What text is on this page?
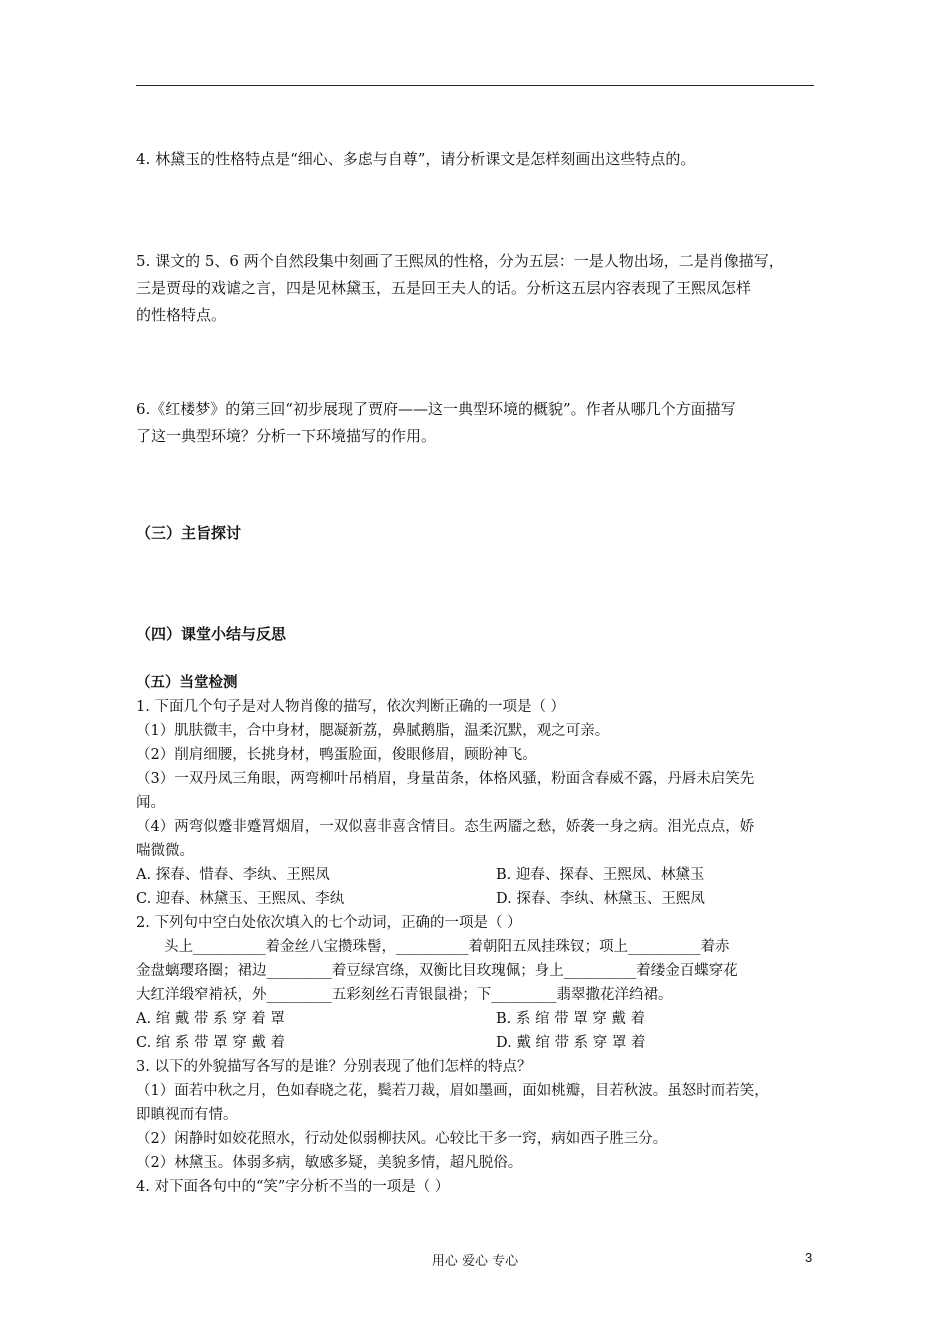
4. 林黛玉的性格特点是“细心、多虑与自尊”，请分析课文是怎样刻画出这些特点的。
5. 课文的 5、6 两个自然段集中刻画了王熙凤的性格，分为五层：一是人物出场，二是肖像描写，
三是贾母的戏谑之言，四是见林黛玉，五是回王夫人的话。分析这五层内容表现了王熙凤怎样
的性格特点。
6.《红楼梦》的第三回“初步展现了贾府——这一典型环境的概貌”。作者从哪几个方面描写
了这一典型环境？分析一下环境描写的作用。
（三）主旨探讨
（四）课堂小结与反思
（五）当堂检测
1. 下面几个句子是对人物肖像的描写，依次判断正确的一项是（ ）
（1）肌肤微丰，合中身材，腮凝新荔，鼻腻鹅脂，温柔沉默，观之可亲。
（2）削肩细腰，长挑身材，鸭蛋脸面，俊眼修眉，顾盼神飞。
（3）一双丹凤三角眼，两弯柳叶吊梢眉，身量苗条，体格风骚，粉面含春威不露，丹唇未启笑先
闻。
（4）两弯似蹙非蹙罥烟眉，一双似喜非喜含情目。态生两靥之愁，娇袭一身之病。泪光点点，娇
喘微微。
A. 探春、惜春、李纨、王熙凤	B. 迎春、探春、王熙凤、林黛玉
C. 迎春、林黛玉、王熙凤、李纨	D. 探春、李纨、林黛玉、王熙凤
2. 下列句中空白处依次填入的七个动词，正确的一项是（ ）
头上__________着金丝八宝攒珠髻，__________着朝阳五凤挂珠钗；项上__________着赤
金盘螭璎珞圈；裙边_________着豆绿宫绦，双衡比目玫瑰佩；身上__________着缕金百蝶穿花
大红洋缎窄褃袄，外_________五彩刻丝石青银鼠褂；下_________翡翠撒花洋绉裙。
A. 绾 戴 带 系 穿 着 罩	B. 系 绾 带 罩 穿 戴 着
C. 绾 系 带 罩 穿 戴 着	D. 戴 绾 带 系 穿 罩 着
3. 以下的外貌描写各写的是谁？分别表现了他们怎样的特点？
（1）面若中秋之月，色如春晓之花，鬓若刀裁，眉如墨画，面如桃瓣，目若秋波。虽怒时而若笑，
即瞋视而有情。
（2）闲静时如姣花照水，行动处似弱柳扶风。心较比干多一窍，病如西子胜三分。
（2）林黛玉。体弱多病，敏感多疑，美貌多情，超凡脱俗。
4. 对下面各句中的“笑”字分析不当的一项是（ ）
用心 爱心 专心	3
